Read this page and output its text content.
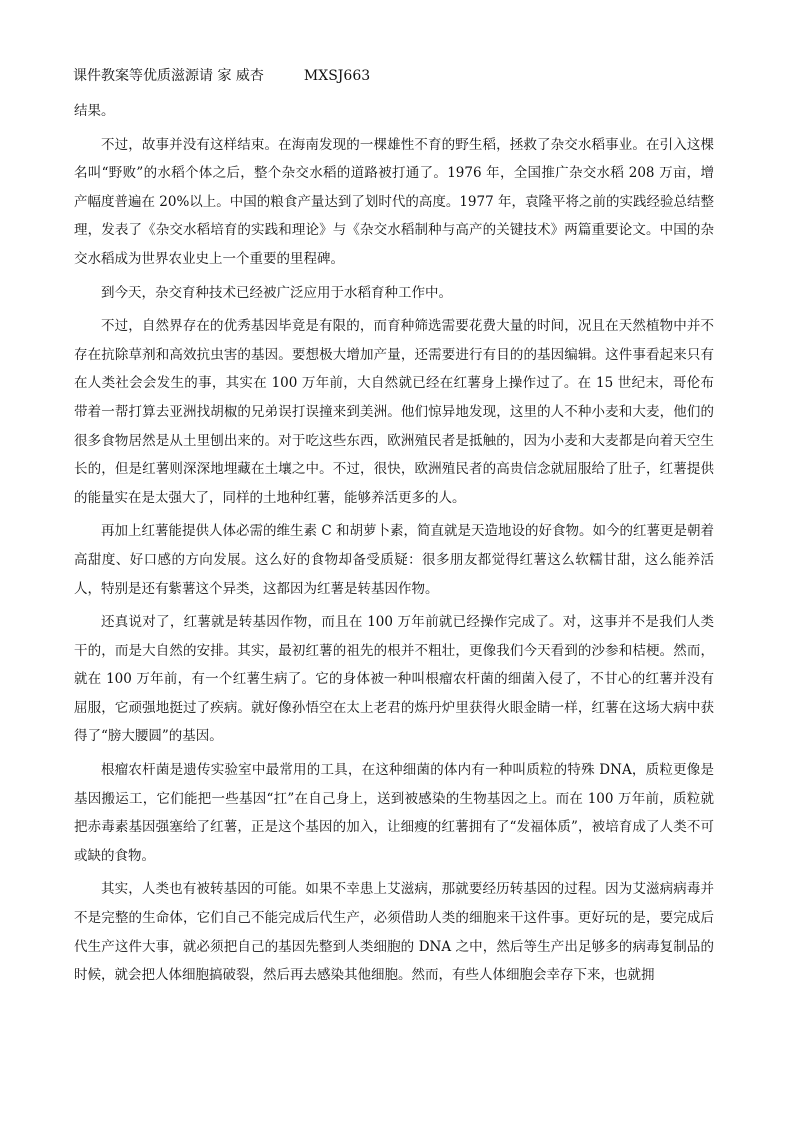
课件教案等优质滋源请 家 威杏	MXSJ663

结果。

不过，故事并没有这样结束。在海南发现的一棵雄性不育的野生稻，拯救了杂交水稻事业。在引入这棵名叫“野败”的水稻个体之后，整个杂交水稻的道路被打通了。1976 年，全国推广杂交水稻 208 万亩，增产幅度普遍在 20%以上。中国的粮食产量达到了划时代的高度。1977 年，袁隆平将之前的实践经验总结整理，发表了《杂交水稻培育的实践和理论》与《杂交水稻制种与高产的关键技术》两篇重要论文。中国的杂交水稻成为世界农业史上一个重要的里程碑。

到今天，杂交育种技术已经被广泛应用于水稻育种工作中。

不过，自然界存在的优秀基因毕竟是有限的，而育种筛选需要花费大量的时间，况且在天然植物中并不存在抗除草剂和高效抗虫害的基因。要想极大增加产量，还需要进行有目的的基因编辑。这件事看起来只有在人类社会会发生的事，其实在 100 万年前，大自然就已经在红薯身上操作过了。在 15 世纪末，哥伦布带着一帮打算去亚洲找胡椒的兄弟误打误撞来到美洲。他们惊异地发现，这里的人不种小麦和大麦，他们的很多食物居然是从土里刨出来的。对于吃这些东西，欧洲殖民者是抵触的，因为小麦和大麦都是向着天空生长的，但是红薯则深深地埋藏在土壤之中。不过，很快，欧洲殖民者的高贵信念就屈服给了肚子，红薯提供的能量实在是太强大了，同样的土地种红薯，能够养活更多的人。

再加上红薯能提供人体必需的维生素 C 和胡萝卜素，简直就是天造地设的好食物。如今的红薯更是朝着高甜度、好口感的方向发展。这么好的食物却备受质疑：很多朋友都觉得红薯这么软糯甘甜，这么能养活人，特别是还有紫薯这个异类，这都因为红薯是转基因作物。

还真说对了，红薯就是转基因作物，而且在 100 万年前就已经操作完成了。对，这事并不是我们人类干的，而是大自然的安排。其实，最初红薯的祖先的根并不粗壮，更像我们今天看到的沙参和桔梗。然而，就在 100 万年前，有一个红薯生病了。它的身体被一种叫根瘤农杆菌的细菌入侵了，不甘心的红薯并没有屈服，它顽强地挺过了疾病。就好像孙悟空在太上老君的炼丹炉里获得火眼金睛一样，红薯在这场大病中获得了“膀大腰圆”的基因。

根瘤农杆菌是遗传实验室中最常用的工具，在这种细菌的体内有一种叫质粒的特殊 DNA，质粒更像是基因搬运工，它们能把一些基因“扛”在自己身上，送到被感染的生物基因之上。而在 100 万年前，质粒就把赤毒素基因强塞给了红薯，正是这个基因的加入，让细瘦的红薯拥有了“发福体质”，被培育成了人类不可或缺的食物。

其实，人类也有被转基因的可能。如果不幸患上艾滋病，那就要经历转基因的过程。因为艾滋病病毒并不是完整的生命体，它们自己不能完成后代生产，必须借助人类的细胞来干这件事。更好玩的是，要完成后代生产这件大事，就必须把自己的基因先整到人类细胞的 DNA 之中，然后等生产出足够多的病毒复制品的时候，就会把人体细胞搞破裂，然后再去感染其他细胞。然而，有些人体细胞会幸存下来，也就拥
